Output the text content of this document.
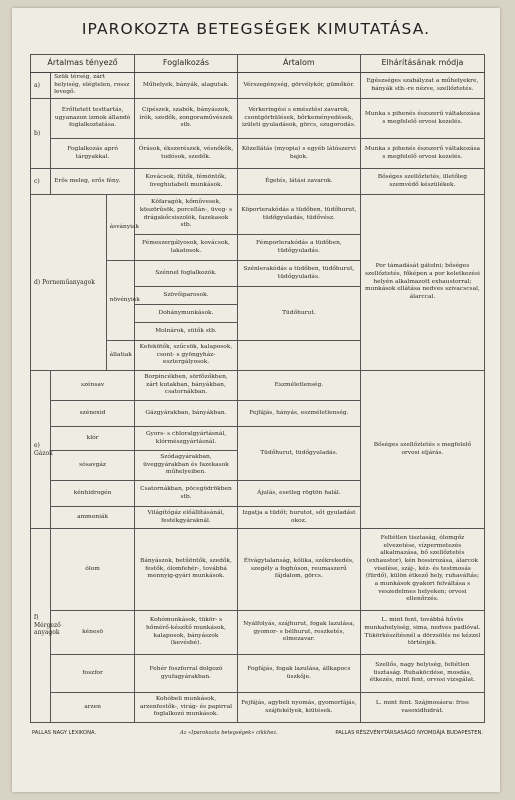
IPAROKOZTA BETEGSÉGEK KIMUTATÁSA.
Ártalmas tényező			Foglalkozás	Ártalom	Elhárításának módja
a)	Szük térség, zárt helyiség, elégtelen, rossz levegő.		Műhelyek, bányák, alagutak.	Vérszegénység, görvélykór, gümőkór.	Egészséges szabályzat a műhelyekre, bányák stb.-re nézve, szellőztetés.
b)	Erőltetett testtartás, ugyanazon izmok állandó foglalkoztatása.		Cipészek, szabók, bányászok, írók, szedők, zongoraművészek stb.	Vérkeringési s emésztési zavarok, csontgörbülések, bőrkeményedések, izületi gyuladások, görcs, szugorodás.	Munka s pihenés észszerű váltakozása s megfelelő orvosi kezelés.
	Foglalkozás apró tárgyakkal.		Órások, ékszerészek, vésnőkők, tudósok, szedők.	Közellátás (myopia) s egyéb látószervi bajok.	Munka s pihenés észszerű váltakozása s megfelelő orvosi kezelés.
c)	Erős meleg, erős fény.		Kovácsok, fűtők, fémöntők, üveghutabeli munkások.	Égetés, látási zavarok.	Bőséges szellőztetés, illetőleg szemvédő készülékek.
d) Porneműanyagok		ásványiak	Kőfaragók, kőművesek, köszörűsök, porcellán-, üveg- s drágakőcsiszolók, fazekasok stb.	Köporterakódás a tüdőben, tüdőhurut, tüdőgyuladás, tüdővész.	Por támadását gátolni; bőséges szellőztetés, főképen a por keletkezési helyén alkalmazott exhaustorral; munkások ellátása nedves szivacscsal, álarccal.
			Fémeszergályosok, kovácsok, lakatosok.	Fémporlerakódás a tüdőben, tüdőgyuladás.	
		növényiek	Szénnel foglalkozók.	Szénlerakódás a tüdőben, tüdőhurut, tüdőgyuladás.	
			Szövőiparosok.	Tüdőhurut.	
			Dohánymunkások.		
			Molnárok, sütők stb.		
		állatiak	Kefekötők, szűcsök, kalaposok, csont- s gyöngyház-esztergályosok.		
e) Gázok	szénsav		Borpincékben, sörfőzőkben, zárt kutakban, bányákban, csatornákban.	Eszméletlenség.	Bőséges szellőztetés s megfelelő orvosi eljárás.
	szénoxid		Gázgyárakban, bányákban.	Fejfájás, hányás, eszméletlenség.	
	klór		Gyors- s chloralgyártásnál, klórmészgyártásnál.	Tüdőhurut, tüdőgyuladás.	
	sósavgáz		Szódagyárakban, üveggyárakban és fazekasok műhelyeiben.		
	kénhidrogén		Csatornákban, pöcegödrökben stb.	Ájulás, esetleg rögtön halál.	
	ammoniák		Világítógáz előállításánál, festékgyáraknál.	Izgatja a tüdőt; hurutot, sőt gyuladást okoz.	
f) Mérgező anyagok	ólom		Bányászok, betűöntők, szedők, festők, ólomfehér-, továbbá mennyig-gyári munkások.	Étvágytalanság, kólika, székrekedés, szegély a foghúson, reumaszerű fájdalom, görcs.	Feltétlen tisztaság, ólomgőz elvezetése, vízpermetezés alkalmazása, bő szellőztetés (exhaustor), kén bossirozása, álarcok viselése, száj-, kéz- és testmosás (fürdő), külön étkező hely, ruhaváltás; a munkások gyakori felváltása s veszedelmes helyeken; orvosi ellenőrzés.
	kénesö		Kohómunkások, tükör- s hőmérő-készítő munkások, kalaposok, bányászok (kevésbé).	Nyálfolyás, szájhurut, fogak lazulása, gyomor- s bélhurut, reszketés, elmezavar.	L. mint fent, továbbá hűvös munkahelyiség, sima, nedves padlóval. Tükörkészítésnél a dörzsölés ne kézzel történjék.
	foszfor		Fehér foszforral dolgozó gyufagyárakban.	Fogfájás, fogak lazulása, állkapocs üszkője.	Szellős, nagy helyiség, feltétlen tisztaság. Ruhaköcdése, mosdás, étkezés, mint fent, orvosi vizsgálat.
	arzen		Kohóbeli munkások, arzenfestők-, virág- és papirral foglalkozó munkások.	Fejfájás, agybeli nyomás, gyomorfájás, szájfekélyek, kiütések.	L. mint fent. Szájmosásra: friss vasoxidhidrát.
PALLAS NAGY LEXIKONA.	Az «Iparokozta betegségek» cikkhez.	PALLAS RÉSZVÉNYTÁRSASÁGÓ NYOMDÁJA BUDAPESTEN.
